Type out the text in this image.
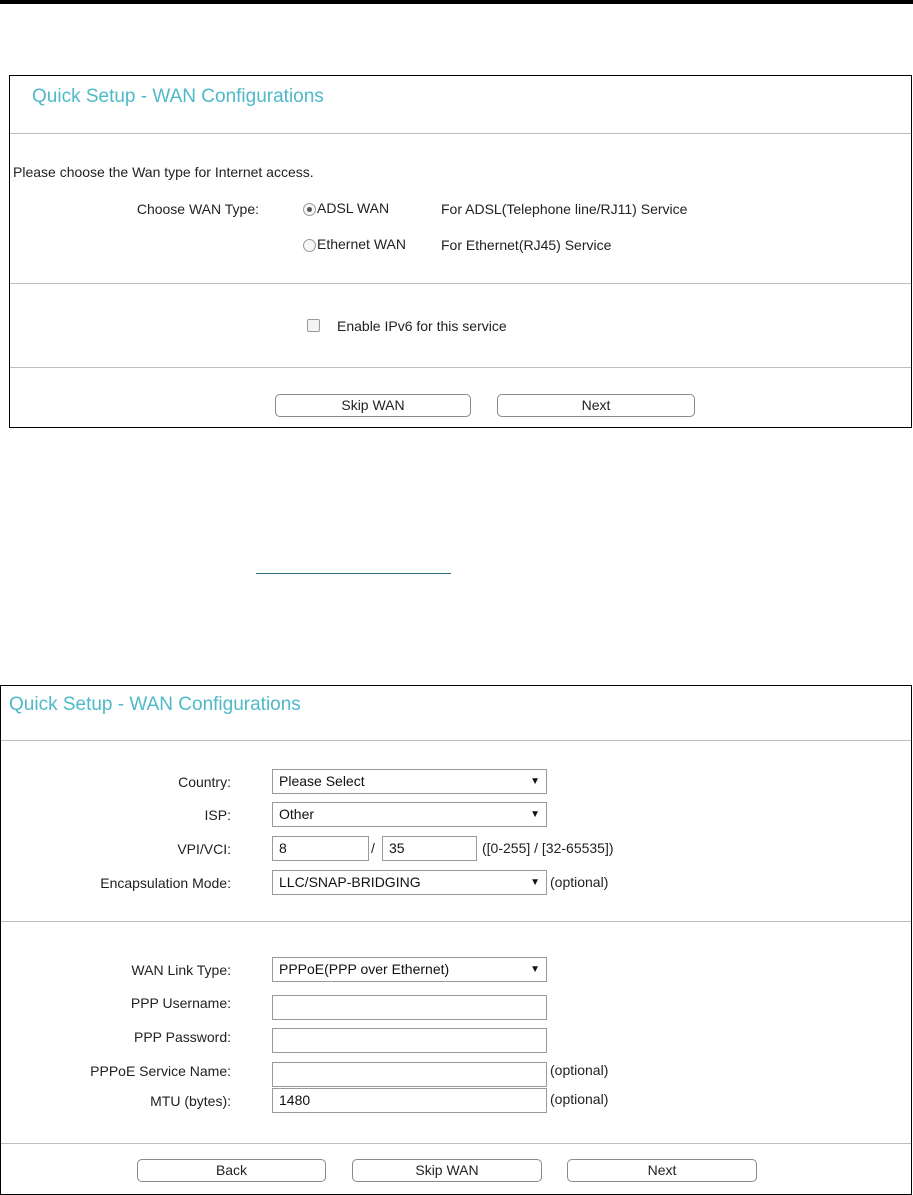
Quick Setup - WAN Configurations
Please choose the Wan type for Internet access.
Choose WAN Type:	ADSL WAN	For ADSL(Telephone line/RJ11) Service
Ethernet WAN	For Ethernet(RJ45) Service
Enable IPv6 for this service
Skip WAN	Next
Quick Setup - WAN Configurations
Country:	Please Select	▼
ISP:	Other	▼
VPI/VCI:	8	/	35	([0-255] / [32-65535])
Encapsulation Mode:	LLC/SNAP-BRIDGING	▼ (optional)
WAN Link Type:	PPPoE(PPP over Ethernet)	▼
PPP Username:
PPP Password:
PPPoE Service Name:	(optional)
MTU (bytes):	1480	(optional)
Back	Skip WAN	Next
